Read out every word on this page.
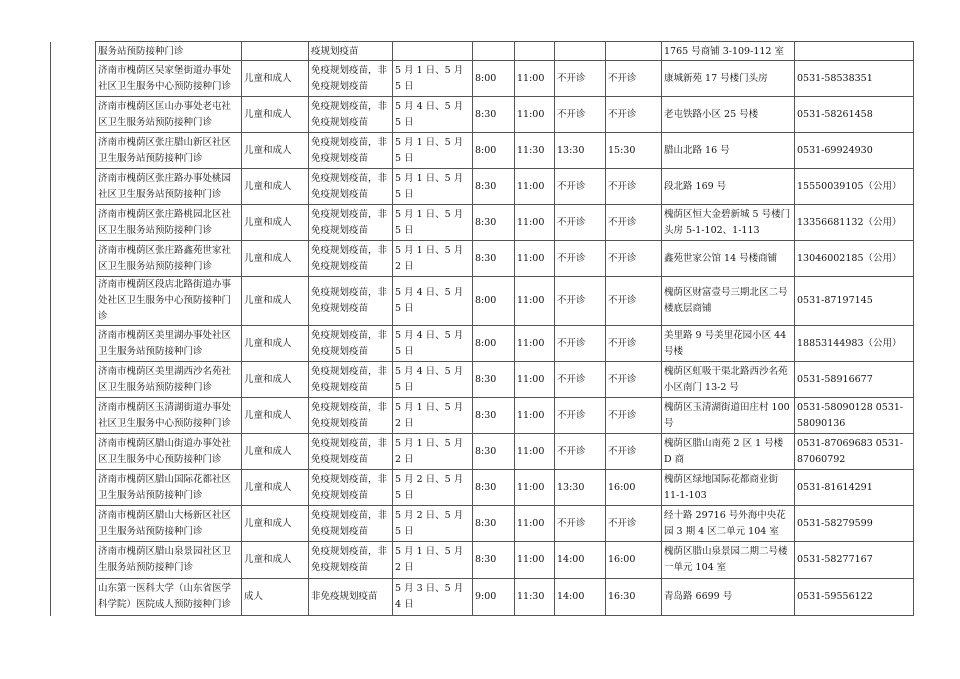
	服务站预防接种门诊		疫规划疫苗						1765 号商铺 3-109-112 室	
	济南市槐荫区吴家堡街道办事处社区卫生服务中心预防接种门诊	儿童和成人	免疫规划疫苗，非免疫规划疫苗	5 月 1 日、5 月 5 日	8:00	11:00	不开诊	不开诊	康城新苑 17 号楼门头房	0531-58538351
	济南市槐荫区匡山办事处老屯社区卫生服务站预防接种门诊	儿童和成人	免疫规划疫苗，非免疫规划疫苗	5 月 4 日、5 月 5 日	8:30	11:00	不开诊	不开诊	老屯铁路小区 25 号楼	0531-58261458
	济南市槐荫区张庄腊山新区社区卫生服务站预防接种门诊	儿童和成人	免疫规划疫苗，非免疫规划疫苗	5 月 1 日、5 月 5 日	8:00	11:30	13:30	15:30	腊山北路 16 号	0531-69924930
	济南市槐荫区张庄路办事处桃园社区卫生服务站预防接种门诊	儿童和成人	免疫规划疫苗，非免疫规划疫苗	5 月 1 日、5 月 5 日	8:30	11:00	不开诊	不开诊	段北路 169 号	15550039105（公用）
	济南市槐荫区张庄路桃园北区社区卫生服务站预防接种门诊	儿童和成人	免疫规划疫苗，非免疫规划疫苗	5 月 1 日、5 月 5 日	8:30	11:00	不开诊	不开诊	槐荫区恒大金碧新城 5 号楼门头房 5-1-102、1-113	13356681132（公用）
	济南市槐荫区张庄路鑫苑世家社区卫生服务站预防接种门诊	儿童和成人	免疫规划疫苗，非免疫规划疫苗	5 月 1 日、5 月 2 日	8:30	11:00	不开诊	不开诊	鑫苑世家公馆 14 号楼商铺	13046002185（公用）
	济南市槐荫区段店北路街道办事处社区卫生服务中心预防接种门诊	儿童和成人	免疫规划疫苗，非免疫规划疫苗	5 月 4 日、5 月 5 日	8:00	11:00	不开诊	不开诊	槐荫区财富壹号三期北区二号楼底层商铺	0531-87197145
	济南市槐荫区美里湖办事处社区卫生服务站预防接种门诊	儿童和成人	免疫规划疫苗，非免疫规划疫苗	5 月 4 日、5 月 5 日	8:00	11:00	不开诊	不开诊	美里路 9 号美里花园小区 44 号楼	18853144983（公用）
	济南市槐荫区美里湖西沙名苑社区卫生服务站预防接种门诊	儿童和成人	免疫规划疫苗，非免疫规划疫苗	5 月 4 日、5 月 5 日	8:30	11:00	不开诊	不开诊	槐荫区虹吸干渠北路西沙名苑小区南门 13-2 号	0531-58916677
	济南市槐荫区玉清湖街道办事处社区卫生服务中心预防接种门诊	儿童和成人	免疫规划疫苗，非免疫规划疫苗	5 月 1 日、5 月 2 日	8:30	11:00	不开诊	不开诊	槐荫区玉清湖街道田庄村 100 号	0531-58090128 0531-58090136
	济南市槐荫区腊山街道办事处社区卫生服务中心预防接种门诊	儿童和成人	免疫规划疫苗，非免疫规划疫苗	5 月 1 日、5 月 2 日	8:30	11:00	不开诊	不开诊	槐荫区腊山南苑 2 区 1 号楼 D 商	0531-87069683 0531-87060792
	济南市槐荫区腊山国际花都社区卫生服务站预防接种门诊	儿童和成人	免疫规划疫苗，非免疫规划疫苗	5 月 2 日、5 月 5 日	8:30	11:00	13:30	16:00	槐荫区绿地国际花都商业街 11-1-103	0531-81614291
	济南市槐荫区腊山大杨新区社区卫生服务站预防接种门诊	儿童和成人	免疫规划疫苗，非免疫规划疫苗	5 月 2 日、5 月 5 日	8:30	11:00	不开诊	不开诊	经十路 29716 号外海中央花园 3 期 4 区二单元 104 室	0531-58279599
	济南市槐荫区腊山泉景园社区卫生服务站预防接种门诊	儿童和成人	免疫规划疫苗，非免疫规划疫苗	5 月 1 日、5 月 2 日	8:30	11:00	14:00	16:00	槐荫区腊山泉景园二期二号楼一单元 104 室	0531-58277167
	山东第一医科大学（山东省医学科学院）医院成人预防接种门诊	成人	非免疫规划疫苗	5 月 3 日、5 月 4 日	9:00	11:30	14:00	16:30	青岛路 6699 号	0531-59556122
